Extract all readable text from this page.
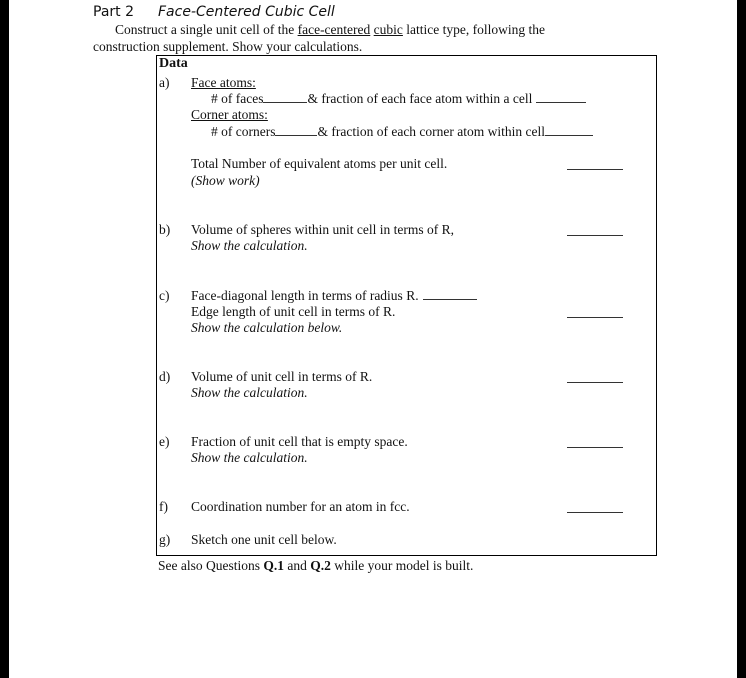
Part 2 Face-Centered Cubic Cell
Construct a single unit cell of the face-centered cubic lattice type, following the
construction supplement. Show your calculations.
Data
a) Face atoms:
# of faces	& fraction of each face atom within a cell
Corner atoms:
# of corners	& fraction of each corner atom within cell
Total Number of equivalent atoms per unit cell.
(Show work)
b) Volume of spheres within unit cell in terms of R,
Show the calculation.
c) Face-diagonal length in terms of radius R.
Edge length of unit cell in terms of R.
Show the calculation below.
d) Volume of unit cell in terms of R.
Show the calculation.
e) Fraction of unit cell that is empty space.
Show the calculation.
f) Coordination number for an atom in fcc.
g) Sketch one unit cell below.
See also Questions Q.1 and Q.2 while your model is built.
